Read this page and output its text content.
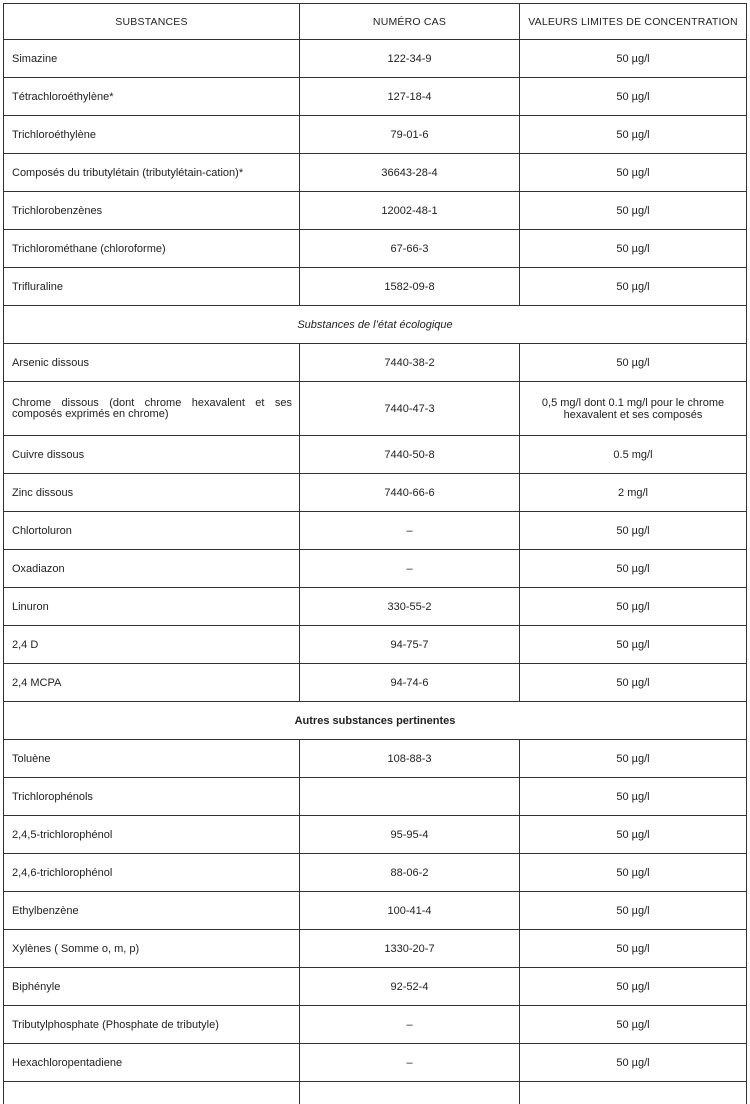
SUBSTANCES	NUMÉRO CAS	VALEURS LIMITES DE CONCENTRATION
Simazine	122-34-9	50 µg/l
Tétrachloroéthylène*	127-18-4	50 µg/l
Trichloroéthylène	79-01-6	50 µg/l
Composés du tributylétain (tributylétain-cation)*	36643-28-4	50 µg/l
Trichlorobenzènes	12002-48-1	50 µg/l
Trichlorométhane (chloroforme)	67-66-3	50 µg/l
Trifluraline	1582-09-8	50 µg/l
Substances de l’état écologique		
Arsenic dissous	7440-38-2	50 µg/l
Chrome dissous (dont chrome hexavalent et ses composés exprimés en chrome)	7440-47-3	0,5 mg/l dont 0.1 mg/l pour le chrome hexavalent et ses composés
Cuivre dissous	7440-50-8	0.5 mg/l
Zinc dissous	7440-66-6	2 mg/l
Chlortoluron	–	50 µg/l
Oxadiazon	–	50 µg/l
Linuron	330-55-2	50 µg/l
2,4 D	94-75-7	50 µg/l
2,4 MCPA	94-74-6	50 µg/l
Autres substances pertinentes		
Toluène	108-88-3	50 µg/l
Trichlorophénols		50 µg/l
2,4,5-trichlorophénol	95-95-4	50 µg/l
2,4,6-trichlorophénol	88-06-2	50 µg/l
Ethylbenzène	100-41-4	50 µg/l
Xylènes ( Somme o, m, p)	1330-20-7	50 µg/l
Biphényle	92-52-4	50 µg/l
Tributylphosphate (Phosphate de tributyle)	–	50 µg/l
Hexachloropentadiene	–	50 µg/l
